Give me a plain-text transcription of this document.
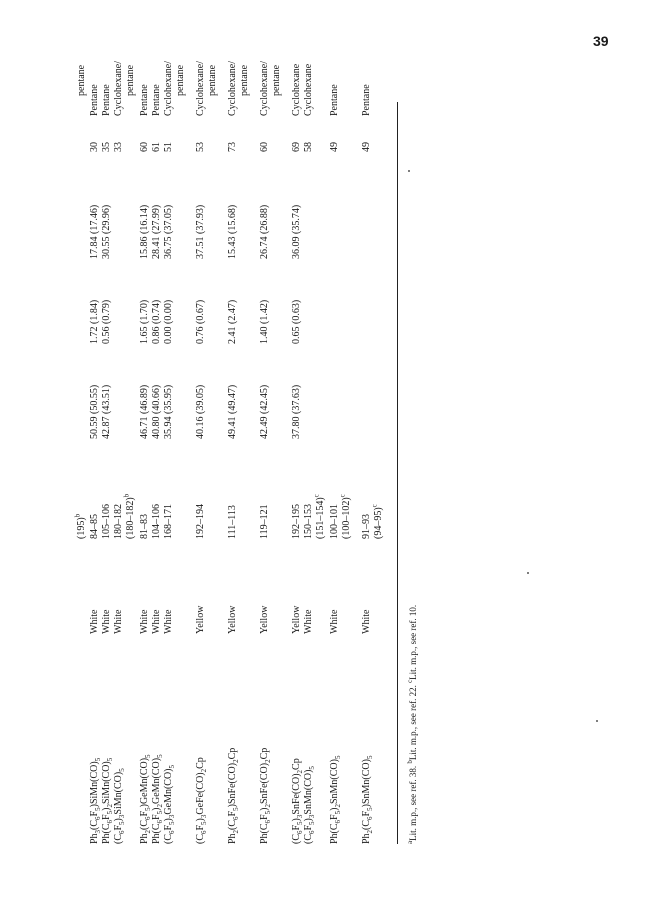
39
$^a$Lit. m.p., see ref. 38. $^b$Lit. m.p., see ref. 22. $^c$Lit. m.p., see ref. 10.
$(195)^b$
pentane
$Ph_3(C_6F_5)SiMn(CO)_5$
White
84–85
50.59 (50.55)
1.72 (1.84)
17.84 (17.46)
30
Pentane
$Ph(C_6F_5)_2SiMn(CO)_5$
White
105–106
42.87 (43.51)
0.56 (0.79)
30.55 (29.96)
35
Pentane
$(C_6F_5)_3SiMn(CO)_5$
White
180–182
33
Cyclohexane/
$(180-182)^b$
pentane
$Ph_2(C_6F_5)GeMn(CO)_5$
White
81–83
46.71 (46.89)
1.65 (1.70)
15.86 (16.14)
60
Pentane
$Ph(C_6F_5)_2GeMn(CO)_5$
White
104–106
40.80 (40.66)
0.86 (0.74)
28.41 (27.99)
61
Pentane
$(C_6F_5)_3GeMn(CO)_5$
White
168–171
35.94 (35.95)
0.00 (0.00)
36.75 (37.05)
51
Cyclohexane/ pentane
$(C_6F_5)_3GeFe(CO)_2Cp$
Yellow
192–194
40.16 (39.05)
0.76 (0.67)
37.51 (37.93)
53
Cyclohexane/ pentane
$Ph_2(C_6F_5)SnFe(CO)_2Cp$
Yellow
111–113
49.41 (49.47)
2.41 (2.47)
15.43 (15.68)
73
Cyclohexane/ pentane
$Ph(C_6F_5)_2SnFe(CO)_2Cp$
Yellow
119–121
42.49 (42.45)
1.40 (1.42)
26.74 (26.88)
60
Cyclohexane/ pentane
$(C_6F_5)_3SnFe(CO)_2Cp$
Yellow
192–195
37.80 (37.63)
0.65 (0.63)
36.09 (35.74)
69
Cyclohexane
$(C_6F_5)_3SnMn(CO)_5$
White
150–153
58
Cyclohexane
$(151-154)^c$
$Ph(C_6F_5)_2SnMn(CO)_5$
White
100–101
49
Pentane
$(100-102)^c$
$Ph_2(C_6F_5)SnMn(CO)_5$
White
91–93
49
Pentane
$(94-95)^c$
